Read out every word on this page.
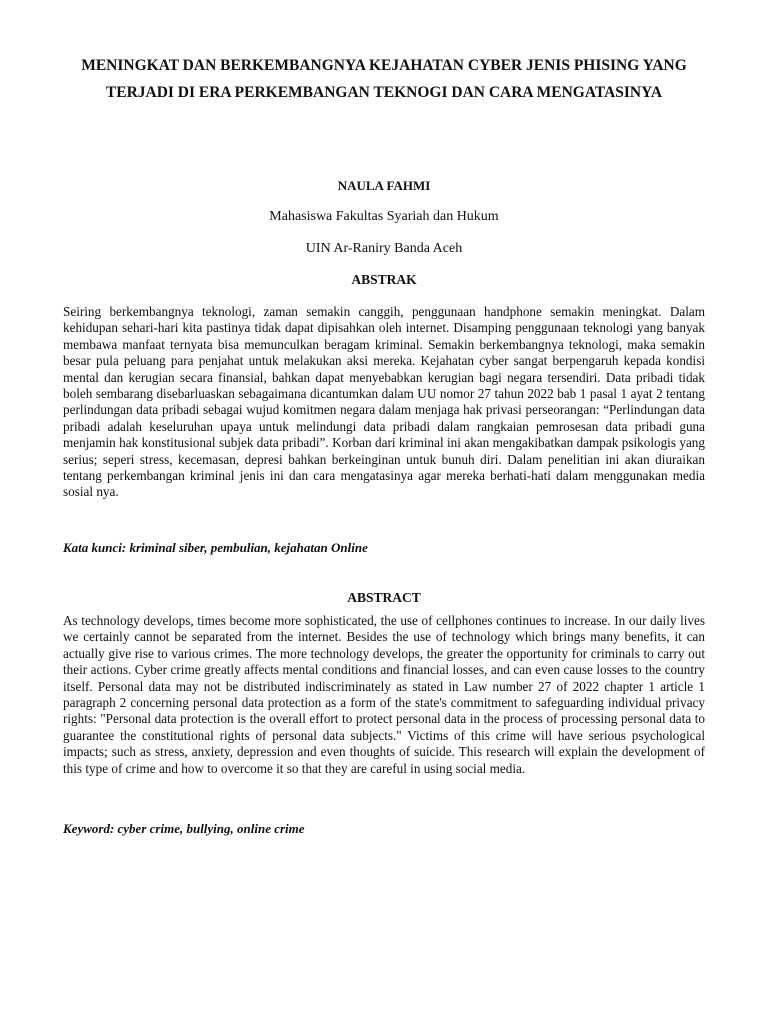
MENINGKAT DAN BERKEMBANGNYA KEJAHATAN CYBER JENIS PHISING YANG TERJADI DI ERA PERKEMBANGAN TEKNOGI DAN CARA MENGATASINYA

NAULA FAHMI

Mahasiswa Fakultas Syariah dan Hukum

UIN Ar-Raniry Banda Aceh

ABSTRAK

Seiring berkembangnya teknologi, zaman semakin canggih, penggunaan handphone semakin meningkat. Dalam kehidupan sehari-hari kita pastinya tidak dapat dipisahkan oleh internet. Disamping penggunaan teknologi yang banyak membawa manfaat ternyata bisa memunculkan beragam kriminal. Semakin berkembangnya teknologi, maka semakin besar pula peluang para penjahat untuk melakukan aksi mereka. Kejahatan cyber sangat berpengaruh kepada kondisi mental dan kerugian secara finansial, bahkan dapat menyebabkan kerugian bagi negara tersendiri. Data pribadi tidak boleh sembarang disebarluaskan sebagaimana dicantumkan dalam UU nomor 27 tahun 2022 bab 1 pasal 1 ayat 2 tentang perlindungan data pribadi sebagai wujud komitmen negara dalam menjaga hak privasi perseorangan: “Perlindungan data pribadi adalah keseluruhan upaya untuk melindungi data pribadi dalam rangkaian pemrosesan data pribadi guna menjamin hak konstitusional subjek data pribadi”. Korban dari kriminal ini akan mengakibatkan dampak psikologis yang serius; seperi stress, kecemasan, depresi bahkan berkeinginan untuk bunuh diri. Dalam penelitian ini akan diuraikan tentang perkembangan kriminal jenis ini dan cara mengatasinya agar mereka berhati-hati dalam menggunakan media sosial nya.

Kata kunci: kriminal siber, pembulian, kejahatan Online

ABSTRACT

As technology develops, times become more sophisticated, the use of cellphones continues to increase. In our daily lives we certainly cannot be separated from the internet. Besides the use of technology which brings many benefits, it can actually give rise to various crimes. The more technology develops, the greater the opportunity for criminals to carry out their actions. Cyber crime greatly affects mental conditions and financial losses, and can even cause losses to the country itself. Personal data may not be distributed indiscriminately as stated in Law number 27 of 2022 chapter 1 article 1 paragraph 2 concerning personal data protection as a form of the state's commitment to safeguarding individual privacy rights: "Personal data protection is the overall effort to protect personal data in the process of processing personal data to guarantee the constitutional rights of personal data subjects." Victims of this crime will have serious psychological impacts; such as stress, anxiety, depression and even thoughts of suicide. This research will explain the development of this type of crime and how to overcome it so that they are careful in using social media.

Keyword: cyber crime, bullying, online crime
